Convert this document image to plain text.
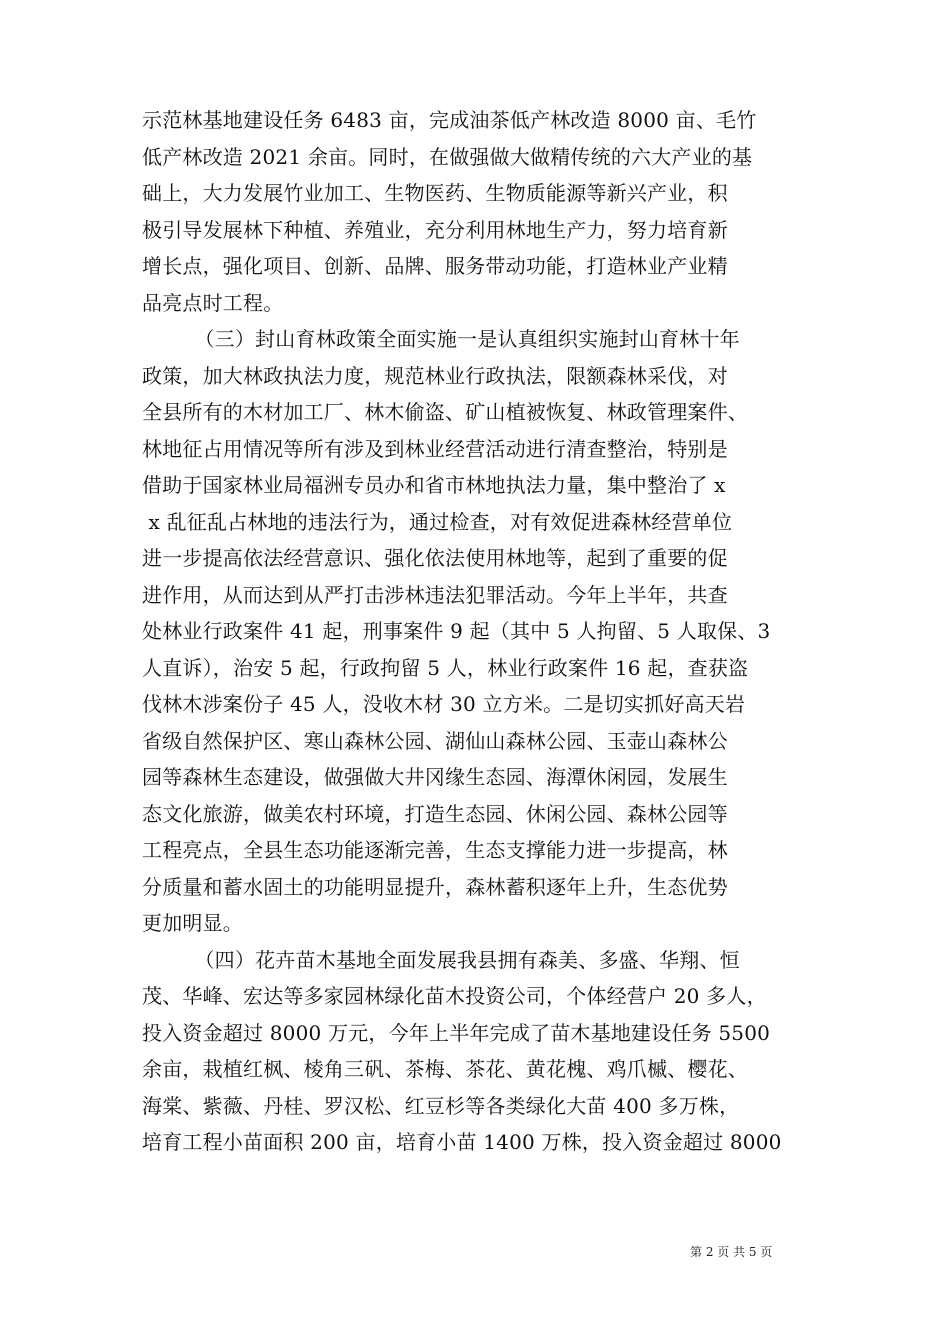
示范林基地建设任务 6483 亩，完成油茶低产林改造 8000 亩、毛竹
低产林改造 2021 余亩。同时，在做强做大做精传统的六大产业的基
础上，大力发展竹业加工、生物医药、生物质能源等新兴产业，积
极引导发展林下种植、养殖业，充分利用林地生产力，努力培育新
增长点，强化项目、创新、品牌、服务带动功能，打造林业产业精
品亮点时工程。
（三）封山育林政策全面实施一是认真组织实施封山育林十年
政策，加大林政执法力度，规范林业行政执法，限额森林采伐，对
全县所有的木材加工厂、林木偷盗、矿山植被恢复、林政管理案件、
林地征占用情况等所有涉及到林业经营活动进行清查整治，特别是
借助于国家林业局福洲专员办和省市林地执法力量，集中整治了 x
x 乱征乱占林地的违法行为，通过检查，对有效促进森林经营单位
进一步提高依法经营意识、强化依法使用林地等，起到了重要的促
进作用，从而达到从严打击涉林违法犯罪活动。今年上半年，共查
处林业行政案件 41 起，刑事案件 9 起（其中 5 人拘留、5 人取保、3
人直诉），治安 5 起，行政拘留 5 人，林业行政案件 16 起，查获盗
伐林木涉案份子 45 人，没收木材 30 立方米。二是切实抓好高天岩
省级自然保护区、寒山森林公园、湖仙山森林公园、玉壶山森林公
园等森林生态建设，做强做大井冈缘生态园、海潭休闲园，发展生
态文化旅游，做美农村环境，打造生态园、休闲公园、森林公园等
工程亮点，全县生态功能逐渐完善，生态支撑能力进一步提高，林
分质量和蓄水固土的功能明显提升，森林蓄积逐年上升，生态优势
更加明显。
（四）花卉苗木基地全面发展我县拥有森美、多盛、华翔、恒
茂、华峰、宏达等多家园林绿化苗木投资公司，个体经营户 20 多人，
投入资金超过 8000 万元，今年上半年完成了苗木基地建设任务 5500
余亩，栽植红枫、棱角三矾、茶梅、茶花、黄花槐、鸡爪槭、樱花、
海棠、紫薇、丹桂、罗汉松、红豆杉等各类绿化大苗 400 多万株，
培育工程小苗面积 200 亩，培育小苗 1400 万株，投入资金超过 8000
第 2 页 共 5 页
